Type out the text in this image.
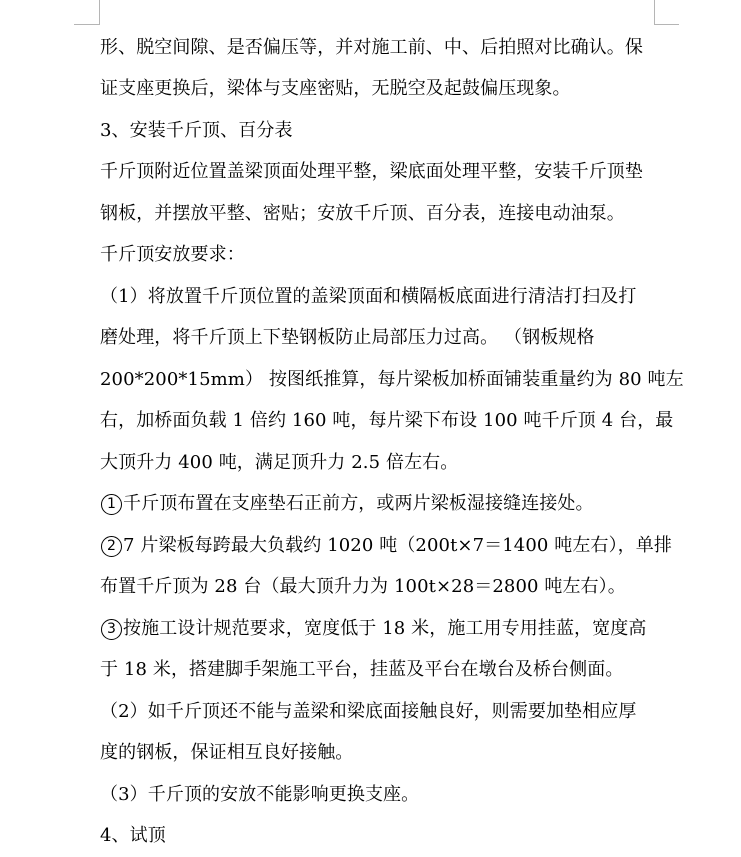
形、脱空间隙、是否偏压等，并对施工前、中、后拍照对比确认。保
证支座更换后，梁体与支座密贴，无脱空及起鼓偏压现象。
3、安装千斤顶、百分表
千斤顶附近位置盖梁顶面处理平整，梁底面处理平整，安装千斤顶垫
钢板，并摆放平整、密贴；安放千斤顶、百分表，连接电动油泵。
千斤顶安放要求：
（1）将放置千斤顶位置的盖梁顶面和横隔板底面进行清洁打扫及打
磨处理，将千斤顶上下垫钢板防止局部压力过高。 （钢板规格
200*200*15mm） 按图纸推算，每片梁板加桥面铺装重量约为 80 吨左
右，加桥面负载 1 倍约 160 吨，每片梁下布设 100 吨千斤顶 4 台，最
大顶升力 400 吨，满足顶升力 2.5 倍左右。
1 千斤顶布置在支座垫石正前方，或两片梁板湿接缝连接处。
2 7 片梁板每跨最大负载约 1020 吨（200t×7＝1400 吨左右），单排
布置千斤顶为 28 台（最大顶升力为 100t×28＝2800 吨左右）。
3 按施工设计规范要求，宽度低于 18 米，施工用专用挂蓝，宽度高
于 18 米，搭建脚手架施工平台，挂蓝及平台在墩台及桥台侧面。
（2）如千斤顶还不能与盖梁和梁底面接触良好，则需要加垫相应厚
度的钢板，保证相互良好接触。
（3）千斤顶的安放不能影响更换支座。
4、试顶
